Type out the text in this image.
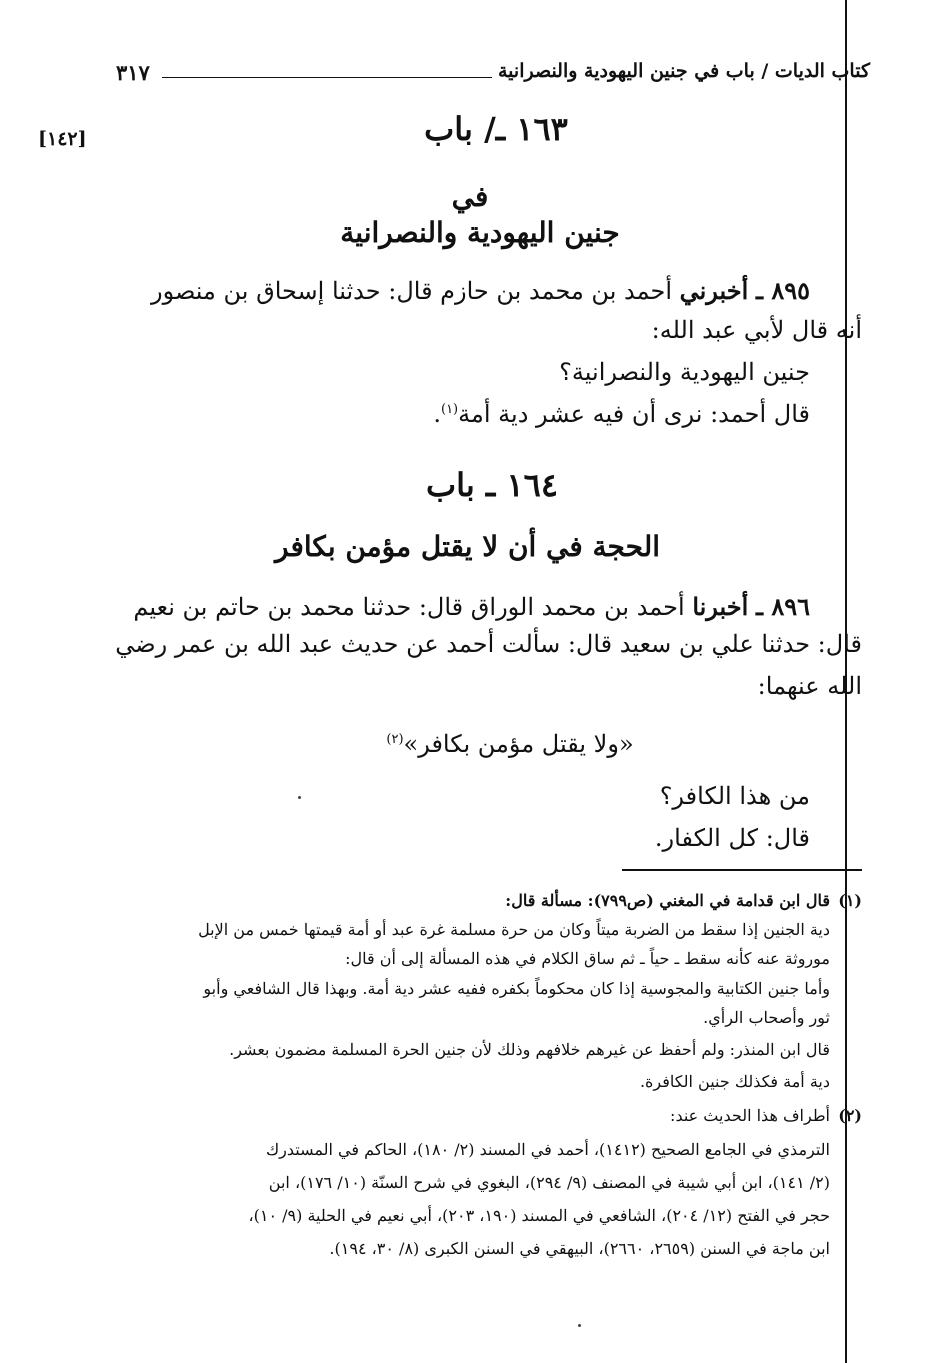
كتاب الديات / باب في جنين اليهودية والنصرانية
٣١٧
[١٤٢]	١٦٣ ـ/ باب
في
جنين اليهودية والنصرانية
٨٩٥ ـ أخبرني أحمد بن محمد بن حازم قال: حدثنا إسحاق بن منصور
أنه قال لأبي عبد الله:
جنين اليهودية والنصرانية؟
قال أحمد: نرى أن فيه عشر دية أمة$^{(١)}$.
١٦٤ ـ باب
الحجة في أن لا يقتل مؤمن بكافر
٨٩٦ ـ أخبرنا أحمد بن محمد الوراق قال: حدثنا محمد بن حاتم بن نعيم
قال: حدثنا علي بن سعيد قال: سألت أحمد عن حديث عبد الله بن عمر رضي
الله عنهما:
«ولا يقتل مؤمن بكافر»$^{(٢)}$
من هذا الكافر؟
قال: كل الكفار.
(١)
قال ابن قدامة في المغني (ص٧٩٩): مسألة قال:
دية الجنين إذا سقط من الضربة ميتاً وكان من حرة مسلمة غرة عبد أو أمة قيمتها خمس من الإبل
موروثة عنه كأنه سقط ـ حياً ـ ثم ساق الكلام في هذه المسألة إلى أن قال:
وأما جنين الكتابية والمجوسية إذا كان محكوماً بكفره ففيه عشر دية أمة. وبهذا قال الشافعي وأبو
ثور وأصحاب الرأي.
قال ابن المنذر: ولم أحفظ عن غيرهم خلافهم وذلك لأن جنين الحرة المسلمة مضمون بعشر.
دية أمة فكذلك جنين الكافرة.
(٢)
أطراف هذا الحديث عند:
الترمذي في الجامع الصحيح (١٤١٢)، أحمد في المسند (٢/ ١٨٠)، الحاكم في المستدرك
(٢/ ١٤١)، ابن أبي شيبة في المصنف (٩/ ٢٩٤)، البغوي في شرح السنّة (١٠/ ١٧٦)، ابن
حجر في الفتح (١٢/ ٢٠٤)، الشافعي في المسند (١٩٠، ٢٠٣)، أبي نعيم في الحلية (٩/ ١٠)،
ابن ماجة في السنن (٢٦٥٩، ٢٦٦٠)، البيهقي في السنن الكبرى (٨/ ٣٠، ١٩٤).
